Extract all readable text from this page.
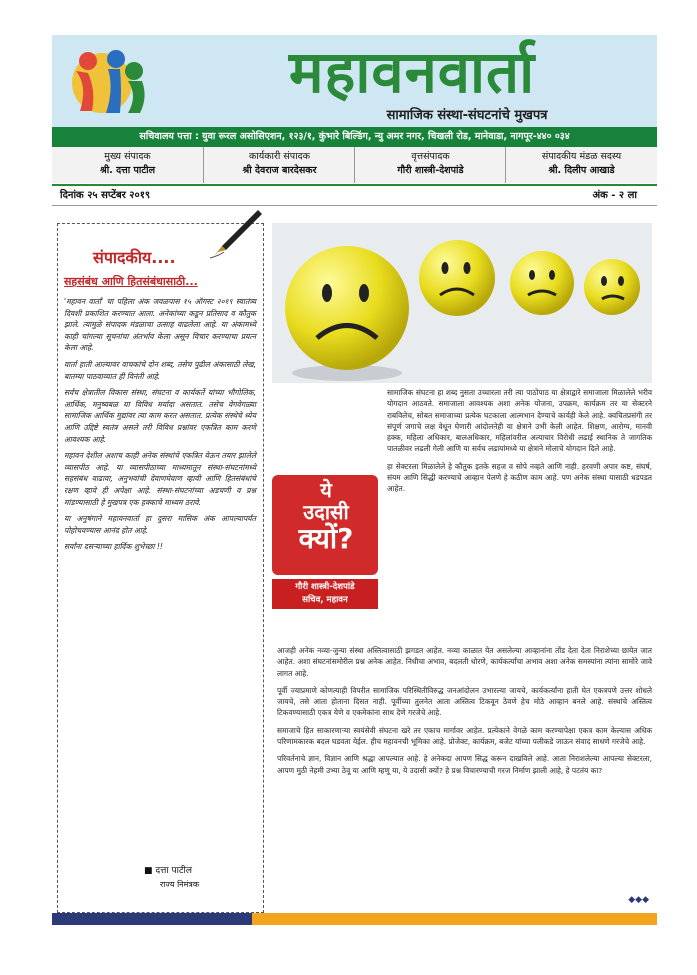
महावनवार्ता
सामाजिक संस्था-संघटनांचे मुखपत्र
सचिवालय पत्ता : युवा रूरल असोसिएशन, १२३/१, कुंभारे बिल्डिंग, न्यु अमर नगर, चिखली रोड, मानेवाडा, नागपूर-४४० ०३४
मुख्य संपादक
श्री. दत्ता पाटील
कार्यकारी संपादक
श्री देवराज बारदेसकर
वृत्तसंपादक
गौरी शास्त्री-देशपांडे
संपादकीय मंडळ सदस्य
श्री. दिलीप आखाडे
दिनांक २५ सप्टेंबर २०१९	अंक - २ ला
संपादकीय....
सहसंबंध आणि हितसंबंधासाठी...

'महावन वार्ता' चा पहिला अंक जवळपास १५ ऑगस्ट २०१९ स्वातंत्र्य दिवशी प्रकाशित करण्यात आला. अनेकांच्या कडून प्रतिसाद व कौतुक झाले. त्यामुळे संपादक मंडळाचा उत्साह वाढलेला आहे. या अंकामध्ये काही चांगल्या सूचनांचा अंतर्भाव केला असून विचार करण्याचा प्रयत्न केला आहे.

वार्ता हाती आल्यावर वाचकांचे दोन शब्द, तसेच पुढील अंकासाठी लेख, बातम्या पाठवाव्यात ही विनंती आहे.

सर्वच क्षेत्रातील विकास संस्था, संघटना व कार्यकर्ते यांच्या भौगोलिक, आर्थिक, मनुष्यबळ या विविध मर्यादा असतात. तसेच वेगवेगळ्या सामाजिक आर्थिक मुद्यांवर त्या काम करत असतात. प्रत्येक संस्थेचे ध्येय आणि उद्दिष्टे स्वतंत्र असले तरी विविध प्रश्नांवर एकत्रित काम करणे आवश्यक आहे.

महावन देशील अशाच काही अनेक संस्थांचे एकत्रित येऊन तयार झालेले व्यासपीठ आहे. या व्यासपीठाच्या माध्यमातून संस्था-संघटनांमध्ये सहसंबंध वाढावा, अनुभवांची देवाणघेवाण व्हावी आणि हितसंबंधांचे रक्षण व्हावे ही अपेक्षा आहे. संस्था-संघटनांच्या अडचणी व प्रश्न मांडण्यासाठी हे मुखपत्र एक हक्काचे माध्यम ठरावे.

या अनुषंगाने महावनवार्ता हा दुसरा मासिक अंक आपल्यापर्यंत पोहोचवण्यास आनंद होत आहे.

सर्वांना दसऱ्याच्या हार्दिक शुभेच्छा !!

■ दत्ता पाटील
राज्य निमंत्रक
ये
उदासी
क्यों?
गौरी शास्त्री-देशपांडे
सचिव, महावन

सामाजिक संघटना हा शब्द नुसता उच्चारला तरी त्या पाठोपाठ या क्षेत्राद्वारे समाजाला मिळालेले भरीव योगदान आठवते. समाजाला आवश्यक अशा अनेक योजना, उपक्रम, कार्यक्रम तर या सेक्टरने राबविलेच, सोबत समाजाच्या प्रत्येक घटकाला आत्मभान देण्याचे कार्यही केले आहे. क्वचितप्रसंगी तर संपूर्ण जगाचे लक्ष वेधून घेणारी आंदोलनेही या क्षेत्राने उभी केली आहेत. शिक्षण, आरोग्य, मानवी हक्क, महिला अधिकार, बालअधिकार, महिलांवरील अत्याचार विरोधी लढाई स्थानिक ते जागतिक पातळीवर लढली गेली आणि या सर्वच लढायांमध्ये या क्षेत्राने मोलाचे योगदान दिले आहे.

हा सेक्टरला मिळालेले हे कौतुक इतके सहज व सोपे नव्हते आणि नाही. हरवणी अपार कष्ट, संघर्ष, संयम आणि सिद्धी करण्याचे आव्हान पेलणे हे कठीण काम आहे. पण अनेक संस्था यासाठी धडपडत आहेत.

आजही अनेक नव्या-जुन्या संस्था अस्तित्वासाठी झगडत आहेत. नव्या काळात येत असलेल्या आव्हानांना तोंड देता देता निराशेच्या छायेत जात आहेत. अशा संघटनांसमोरील प्रश्न अनेक आहेत. निधीचा अभाव, बदलती धोरणे, कार्यकर्त्यांचा अभाव अशा अनेक समस्यांना त्यांना सामोरे जावे लागत आहे.

पूर्वी ज्याप्रमाणे कोणत्याही विपरीत सामाजिक परिस्थितीविरुद्ध जनआंदोलन उभारल्या जायचे, कार्यकर्त्यांना हाती घेत एकत्रपणे उत्तर शोधले जायचे, तसे आता होताना दिसत नाही. पूर्वीच्या तुलनेत आता अस्तित्व टिकवून ठेवणे हेच मोठे आव्हान बनले आहे. संस्थांचे अस्तित्व टिकवण्यासाठी एकत्र येणे व एकमेकांना साथ देणे गरजेचे आहे.

समाजाचे हित साकारणाऱ्या स्वयंसेवी संघटना खरे तर एकाच मार्गावर आहेत. प्रत्येकाने वेगळे काम करण्यापेक्षा एकत्र काम केल्यास अधिक परिणामकारक बदल घडवता येईल. हीच महावनची भूमिका आहे. प्रोजेक्ट, कार्यक्रम, बजेट यांच्या पलीकडे जाऊन संवाद साधणे गरजेचे आहे.

परिवर्तनाचे ज्ञान, विज्ञान आणि श्रद्धा आपल्यात आहे. हे अनेकदा आपण सिद्ध करून दाखविले आहे. आता निराशलेल्या आपल्या सेक्टरला, आपण मुठी नेहमी उभ्या ठेवू या आणि म्हणू या, ये उदासी क्यों? हे प्रश्न विचारण्याची गरज निर्माण झाली आहे, हे पटतंय का?

◆◆◆
